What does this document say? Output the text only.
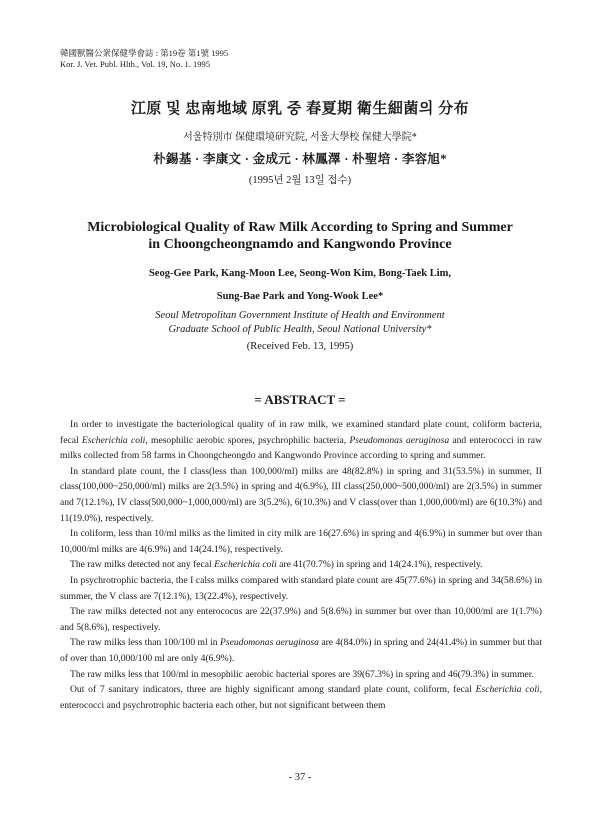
韓國獸醫公衆保健學會誌 : 第19卷 第1號 1995
Kor. J. Vet. Publ. Hlth., Vol. 19, No. 1. 1995
江原 및 忠南地域 原乳 중 春夏期 衛生細菌의 分布
서울特別市 保健環境研究院, 서울大學校 保健大學院*
朴錫基 · 李康文 · 金成元 · 林鳳澤 · 朴聖培 · 李容旭*
(1995년 2월 13일 접수)
Microbiological Quality of Raw Milk According to Spring and Summer
in Choongcheongnamdo and Kangwondo Province
Seog-Gee Park, Kang-Moon Lee, Seong-Won Kim, Bong-Taek Lim,
Sung-Bae Park and Yong-Wook Lee*
Seoul Metropolitan Government Institute of Health and Environment
Graduate School of Public Health, Seoul National University*
(Received Feb. 13, 1995)
= ABSTRACT =

In order to investigate the bacteriological quality of in raw milk, we examined standard plate count, coliform bacteria, fecal Escherichia coli, mesophilic aerobic spores, psychrophilic bacteria, Pseudomonas aeruginosa and enterococci in raw milks collected from 58 farms in Choongcheongdo and Kangwondo Province according to spring and summer.

In standard plate count, the I class(less than 100,000/ml) milks are 48(82.8%) in spring and 31(53.5%) in summer, II class(100,000~250,000/ml) milks are 2(3.5%) in spring and 4(6.9%), III class(250,000~500,000/ml) are 2(3.5%) in summer and 7(12.1%), IV class(500,000~1,000,000/ml) are 3(5.2%), 6(10.3%) and V class(over than 1,000,000/ml) are 6(10.3%) and 11(19.0%), respectively.

In coliform, less than 10/ml milks as the limited in city milk are 16(27.6%) in spring and 4(6.9%) in summer but over than 10,000/ml milks are 4(6.9%) and 14(24.1%), respectively.

The raw milks detected not any fecal Escherichia coli are 41(70.7%) in spring and 14(24.1%), respectively.

In psychrotrophic bacteria, the I calss milks compared with standard plate count are 45(77.6%) in spring and 34(58.6%) in summer, the V class are 7(12.1%), 13(22.4%), respectively.

The raw milks detected not any enterococus are 22(37.9%) and 5(8.6%) in summer but over than 10,000/ml are 1(1.7%) and 5(8.6%), respectively.

The raw milks less than 100/100 ml in Pseudomonas aeruginosa are 4(84.0%) in spring and 24(41.4%) in summer but that of over than 10,000/100 ml are only 4(6.9%).

The raw milks less that 100/ml in mesophilic aerobic bacterial spores are 39(67.3%) in spring and 46(79.3%) in summer.

Out of 7 sanitary indicators, three are highly significant among standard plate count, coliform, fecal Escherichia coli, enterococci and psychrotrophic bacteria each other, but not significant between them

- 37 -
